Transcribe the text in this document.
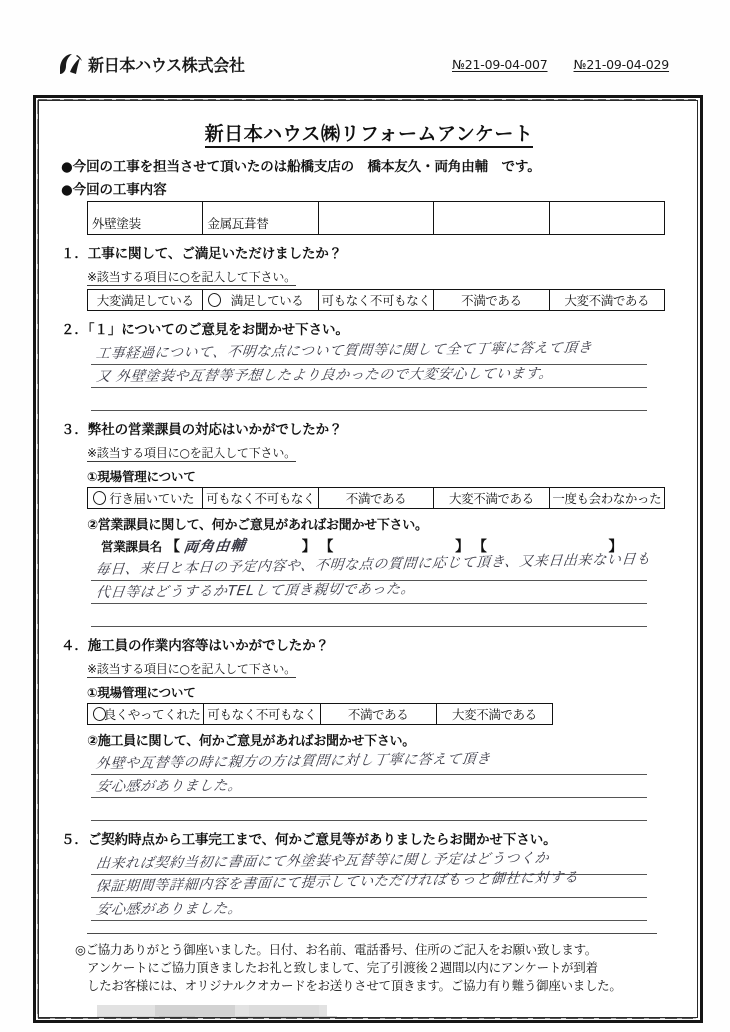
新日本ハウス株式会社	№21-09-04-007 №21-09-04-029
新日本ハウス㈱リフォームアンケート
●今回の工事を担当させて頂いたのは船橋支店の　橋本友久・両角由輔　です。
●今回の工事内容
外壁塗装	金属瓦葺替			
１．工事に関して、ご満足いただけましたか？
※該当する項目に○を記入して下さい。
大変満足している	満足している	可もなく不可もなく	不満である	大変不満である
２．「１」についてのご意見をお聞かせ下さい。
工事経過について、不明な点について質問等に関して全て丁寧に答えて頂き
又 外壁塗装や瓦替等予想したより良かったので大変安心しています。
３．弊社の営業課員の対応はいかがでしたか？
※該当する項目に○を記入して下さい。
①現場管理について
行き届いていた	可もなく不可もなく	不満である	大変不満である	一度も会わなかった
②営業課員に関して、何かご意見があればお聞かせ下さい。
営業課員名 【 両角由輔	】 【	】 【	】
毎日、来日と本日の予定内容や、不明な点の質問に応じて頂き、又来日出来ない日も
代日等はどうするかTELして頂き親切であった。
４．施工員の作業内容等はいかがでしたか？
※該当する項目に○を記入して下さい。
①現場管理について
良くやってくれた	可もなく不可もなく	不満である	大変不満である
②施工員に関して、何かご意見があればお聞かせ下さい。
外壁や瓦替等の時に親方の方は質問に対し丁寧に答えて頂き
安心感がありました。
５．ご契約時点から工事完工まで、何かご意見等がありましたらお聞かせ下さい。
出来れば契約当初に書面にて外塗装や瓦替等に関し予定はどうつくか
保証期間等詳細内容を書面にて提示していただければもっと御社に対する
安心感がありました。

◎ご協力ありがとう御座いました。日付、お名前、電話番号、住所のご記入をお願い致します。

アンケートにご協力頂きましたお礼と致しまして、完了引渡後２週間以内にアンケートが到着

したお客様には、オリジナルクオカードをお送りさせて頂きます。ご協力有り難う御座いました。
